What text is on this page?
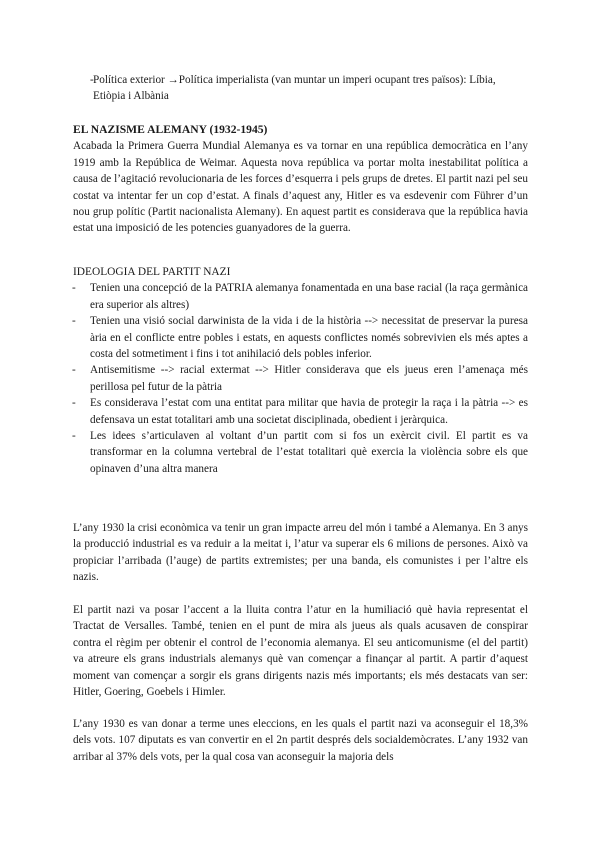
- Política exterior →Política imperialista (van muntar un imperi ocupant tres països): Líbia, Etiòpia i Albània

EL NAZISME ALEMANY (1932-1945)

Acabada la Primera Guerra Mundial Alemanya es va tornar en una república democràtica en l’any 1919 amb la República de Weimar. Aquesta nova república va portar molta inestabilitat política a causa de l’agitació revolucionaria de les forces d’esquerra i pels grups de dretes. El partit nazi pel seu costat va intentar fer un cop d’estat. A finals d’aquest any, Hitler es va esdevenir com Führer d’un nou grup polític (Partit nacionalista Alemany). En aquest partit es considerava que la república havia estat una imposició de les potencies guanyadores de la guerra.

IDEOLOGIA DEL PARTIT NAZI

- Tenien una concepció de la PATRIA alemanya fonamentada en una base racial (la raça germànica era superior als altres)
- Tenien una visió social darwinista de la vida i de la història --> necessitat de preservar la puresa ària en el conflicte entre pobles i estats, en aquests conflictes només sobrevivien els més aptes a costa del sotmetiment i fins i tot anihilació dels pobles inferior.
- Antisemitisme --> racial extermat --> Hitler considerava que els jueus eren l’amenaça més perillosa pel futur de la pàtria
- Es considerava l’estat com una entitat para militar que havia de protegir la raça i la pàtria --> es defensava un estat totalitari amb una societat disciplinada, obedient i jeràrquica.
- Les idees s’articulaven al voltant d’un partit com si fos un exèrcit civil. El partit es va transformar en la columna vertebral de l’estat totalitari què exercia la violència sobre els que opinaven d’una altra manera

L’any 1930 la crisi econòmica va tenir un gran impacte arreu del món i també a Alemanya. En 3 anys la producció industrial es va reduir a la meitat i, l’atur va superar els 6 milions de persones. Això va propiciar l’arribada (l’auge) de partits extremistes; per una banda, els comunistes i per l’altre els nazis.

El partit nazi va posar l’accent a la lluita contra l’atur en la humiliació què havia representat el Tractat de Versalles. També, tenien en el punt de mira als jueus als quals acusaven de conspirar contra el règim per obtenir el control de l’economia alemanya. El seu anticomunisme (el del partit) va atreure els grans industrials alemanys què van començar a finançar al partit. A partir d’aquest moment van començar a sorgir els grans dirigents nazis més importants; els més destacats van ser: Hitler, Goering, Goebels i Himler.

L’any 1930 es van donar a terme unes eleccions, en les quals el partit nazi va aconseguir el 18,3% dels vots. 107 diputats es van convertir en el 2n partit després dels socialdemòcrates. L’any 1932 van arribar al 37% dels vots, per la qual cosa van aconseguir la majoria dels
